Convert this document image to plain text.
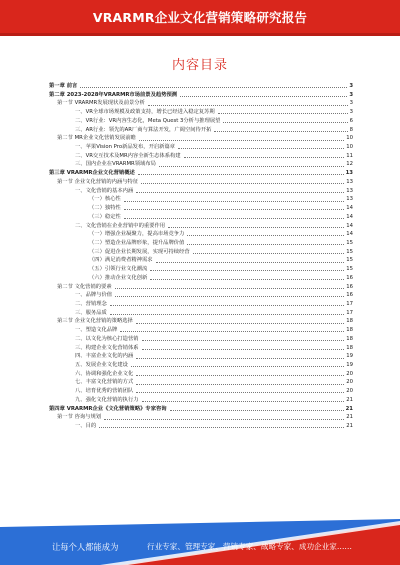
VRARMR企业文化营销策略研究报告
内容目录
第一章 前言	3
第二章 2023-2028年VRARMR市场前景及趋势预测	3
第一节 VRARMR发展现状及前景分析	3
一、VR全球市场规模及政策支持，增长已经进入稳定复苏期	3
二、VR行业：VR内容生态化，Meta Quest 3分析与推理展望	6
三、AR行业：领先的AR厂商与算法开发，广阔空间待开拓	8
第二节 MR企业文化营销发展前瞻	10
一、苹果Vision Pro新品发布，开启新篇章	10
二、VR交互技术及MR内容全新生态体系构建	11
三、国内企业在VRARMR领域布局	12
第三章 VRARMR企业文化营销概述	13
第一节 企业文化营销的内涵与特征	13
一、文化营销的基本内涵	13
（一）核心性	13
（二）独特性	14
（三）稳定性	14
二、文化营销在企业营销中的重要作用	14
（一）增强企业凝聚力，提高市场竞争力	14
（二）塑造企业品牌形象，提升品牌价值	15
（三）促进企业长期发展，实现可持续经营	15
（四）满足消费者精神需求	15
（五）引领行业文化潮流	15
（六）推动企业文化创新	16
第二节 文化营销的要素	16
一、品牌与价值	16
二、营销理念	17
三、服务品质	17
第三节 企业文化营销的策略选择	18
一、塑造文化品牌	18
二、以文化为核心打造营销	18
三、构建企业文化营销体系	18
四、丰富企业文化的内涵	19
五、发展企业文化建设	19
六、协调和强化企业文化	20
七、丰富文化营销的方式	20
八、培育优秀的营销团队	20
九、强化文化营销的执行力	21
第四章 VRARMR企业《文化营销策略》专家咨询	21
第一节 咨询与规划	21
一、目的	21
让每个人都能成为	行业专家、管理专家、营销专家、战略专家、成功企业家……
